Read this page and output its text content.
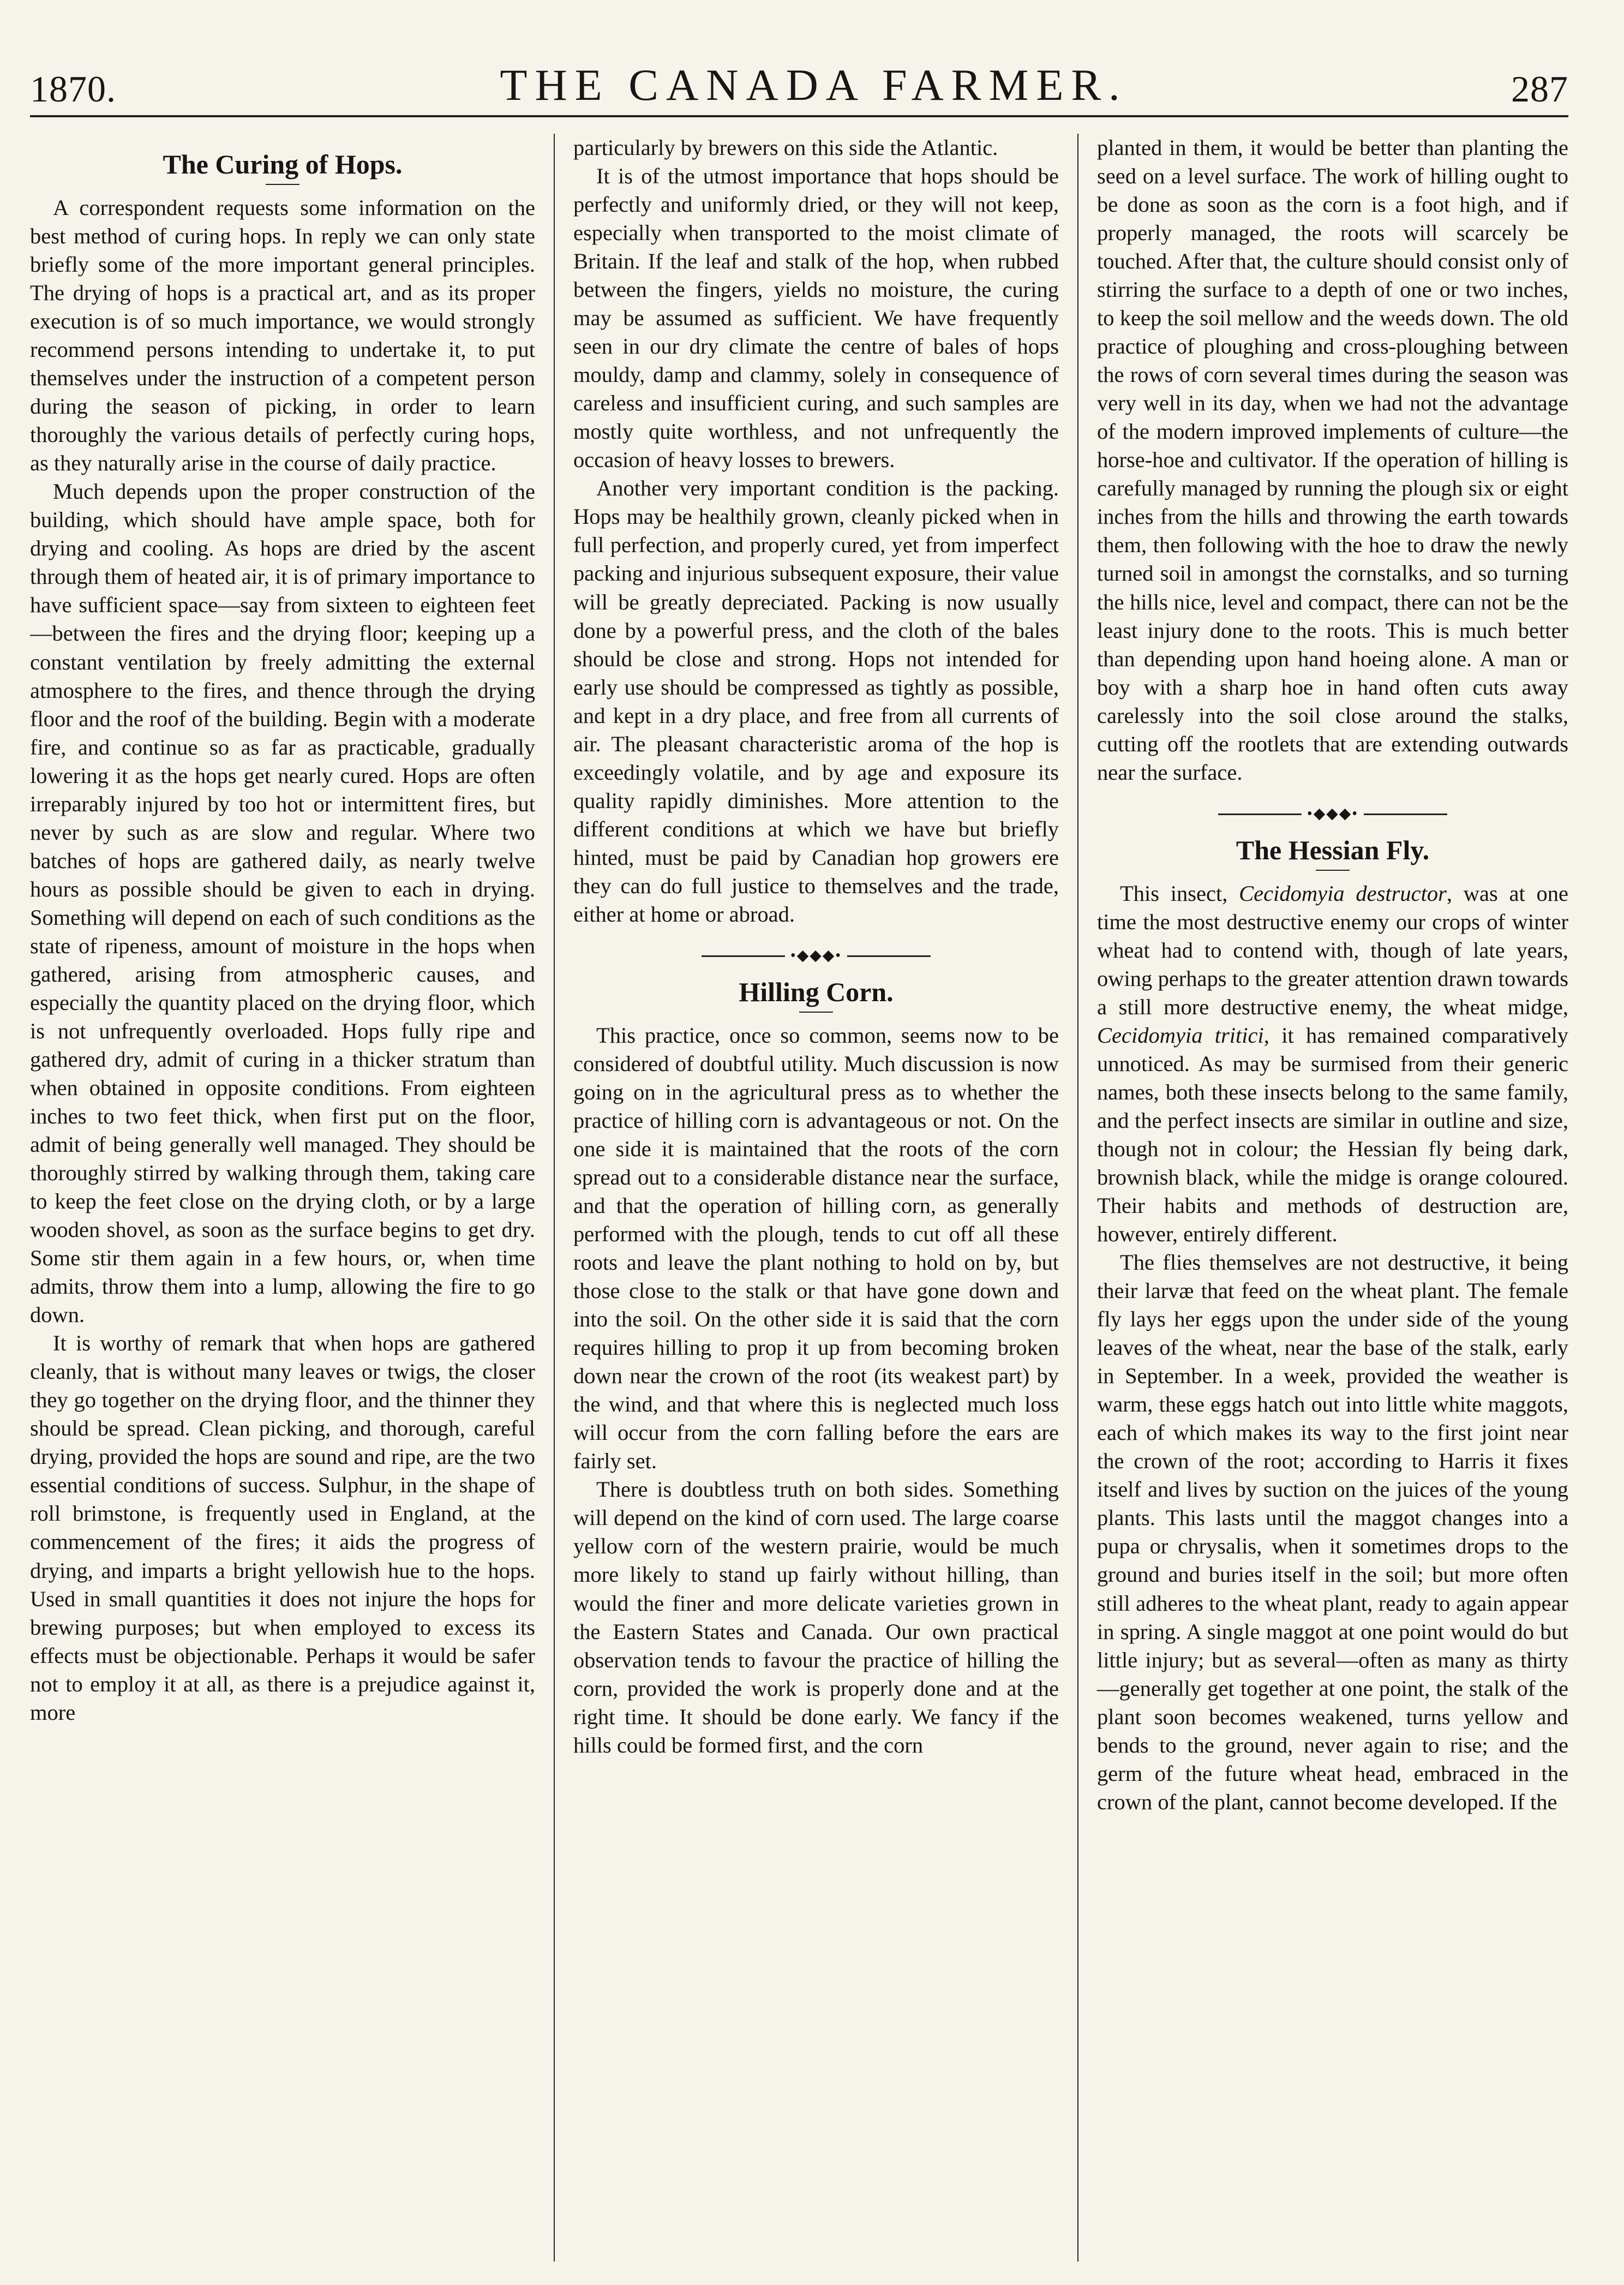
1870.	THE CANADA FARMER.	287
The Curing of Hops.

A correspondent requests some information on the best method of curing hops. In reply we can only state briefly some of the more important general principles. The drying of hops is a practical art, and as its proper execution is of so much importance, we would strongly recommend persons intending to undertake it, to put themselves under the instruction of a competent person during the season of picking, in order to learn thoroughly the various details of perfectly curing hops, as they naturally arise in the course of daily practice.

Much depends upon the proper construction of the building, which should have ample space, both for drying and cooling. As hops are dried by the ascent through them of heated air, it is of primary importance to have sufficient space—say from sixteen to eighteen feet—between the fires and the drying floor; keeping up a constant ventilation by freely admitting the external atmosphere to the fires, and thence through the drying floor and the roof of the building. Begin with a moderate fire, and continue so as far as practicable, gradually lowering it as the hops get nearly cured. Hops are often irreparably injured by too hot or intermittent fires, but never by such as are slow and regular. Where two batches of hops are gathered daily, as nearly twelve hours as possible should be given to each in drying. Something will depend on each of such conditions as the state of ripeness, amount of moisture in the hops when gathered, arising from atmospheric causes, and especially the quantity placed on the drying floor, which is not unfrequently overloaded. Hops fully ripe and gathered dry, admit of curing in a thicker stratum than when obtained in opposite conditions. From eighteen inches to two feet thick, when first put on the floor, admit of being generally well managed. They should be thoroughly stirred by walking through them, taking care to keep the feet close on the drying cloth, or by a large wooden shovel, as soon as the surface begins to get dry. Some stir them again in a few hours, or, when time admits, throw them into a lump, allowing the fire to go down.

It is worthy of remark that when hops are gathered cleanly, that is without many leaves or twigs, the closer they go together on the drying floor, and the thinner they should be spread. Clean picking, and thorough, careful drying, provided the hops are sound and ripe, are the two essential conditions of success. Sulphur, in the shape of roll brimstone, is frequently used in England, at the commencement of the fires; it aids the progress of drying, and imparts a bright yellowish hue to the hops. Used in small quantities it does not injure the hops for brewing purposes; but when employed to excess its effects must be objectionable. Perhaps it would be safer not to employ it at all, as there is a prejudice against it, more

particularly by brewers on this side the Atlantic.

It is of the utmost importance that hops should be perfectly and uniformly dried, or they will not keep, especially when transported to the moist climate of Britain. If the leaf and stalk of the hop, when rubbed between the fingers, yields no moisture, the curing may be assumed as sufficient. We have frequently seen in our dry climate the centre of bales of hops mouldy, damp and clammy, solely in consequence of careless and insufficient curing, and such samples are mostly quite worthless, and not unfrequently the occasion of heavy losses to brewers.

Another very important condition is the packing. Hops may be healthily grown, cleanly picked when in full perfection, and properly cured, yet from imperfect packing and injurious subsequent exposure, their value will be greatly depreciated. Packing is now usually done by a powerful press, and the cloth of the bales should be close and strong. Hops not intended for early use should be compressed as tightly as possible, and kept in a dry place, and free from all currents of air. The pleasant characteristic aroma of the hop is exceedingly volatile, and by age and exposure its quality rapidly diminishes. More attention to the different conditions at which we have but briefly hinted, must be paid by Canadian hop growers ere they can do full justice to themselves and the trade, either at home or abroad.

•◆◆◆•
Hilling Corn.

This practice, once so common, seems now to be considered of doubtful utility. Much discussion is now going on in the agricultural press as to whether the practice of hilling corn is advantageous or not. On the one side it is maintained that the roots of the corn spread out to a considerable distance near the surface, and that the operation of hilling corn, as generally performed with the plough, tends to cut off all these roots and leave the plant nothing to hold on by, but those close to the stalk or that have gone down and into the soil. On the other side it is said that the corn requires hilling to prop it up from becoming broken down near the crown of the root (its weakest part) by the wind, and that where this is neglected much loss will occur from the corn falling before the ears are fairly set.

There is doubtless truth on both sides. Something will depend on the kind of corn used. The large coarse yellow corn of the western prairie, would be much more likely to stand up fairly without hilling, than would the finer and more delicate varieties grown in the Eastern States and Canada. Our own practical observation tends to favour the practice of hilling the corn, provided the work is properly done and at the right time. It should be done early. We fancy if the hills could be formed first, and the corn

planted in them, it would be better than planting the seed on a level surface. The work of hilling ought to be done as soon as the corn is a foot high, and if properly managed, the roots will scarcely be touched. After that, the culture should consist only of stirring the surface to a depth of one or two inches, to keep the soil mellow and the weeds down. The old practice of ploughing and cross-ploughing between the rows of corn several times during the season was very well in its day, when we had not the advantage of the modern improved implements of culture—the horse-hoe and cultivator. If the operation of hilling is carefully managed by running the plough six or eight inches from the hills and throwing the earth towards them, then following with the hoe to draw the newly turned soil in amongst the cornstalks, and so turning the hills nice, level and compact, there can not be the least injury done to the roots. This is much better than depending upon hand hoeing alone. A man or boy with a sharp hoe in hand often cuts away carelessly into the soil close around the stalks, cutting off the rootlets that are extending outwards near the surface.

•◆◆◆•
The Hessian Fly.

This insect, Cecidomyia destructor, was at one time the most destructive enemy our crops of winter wheat had to contend with, though of late years, owing perhaps to the greater attention drawn towards a still more destructive enemy, the wheat midge, Cecidomyia tritici, it has remained comparatively unnoticed. As may be surmised from their generic names, both these insects belong to the same family, and the perfect insects are similar in outline and size, though not in colour; the Hessian fly being dark, brownish black, while the midge is orange coloured. Their habits and methods of destruction are, however, entirely different.

The flies themselves are not destructive, it being their larvæ that feed on the wheat plant. The female fly lays her eggs upon the under side of the young leaves of the wheat, near the base of the stalk, early in September. In a week, provided the weather is warm, these eggs hatch out into little white maggots, each of which makes its way to the first joint near the crown of the root; according to Harris it fixes itself and lives by suction on the juices of the young plants. This lasts until the maggot changes into a pupa or chrysalis, when it sometimes drops to the ground and buries itself in the soil; but more often still adheres to the wheat plant, ready to again appear in spring. A single maggot at one point would do but little injury; but as several—often as many as thirty—generally get together at one point, the stalk of the plant soon becomes weakened, turns yellow and bends to the ground, never again to rise; and the germ of the future wheat head, embraced in the crown of the plant, cannot become developed. If the
